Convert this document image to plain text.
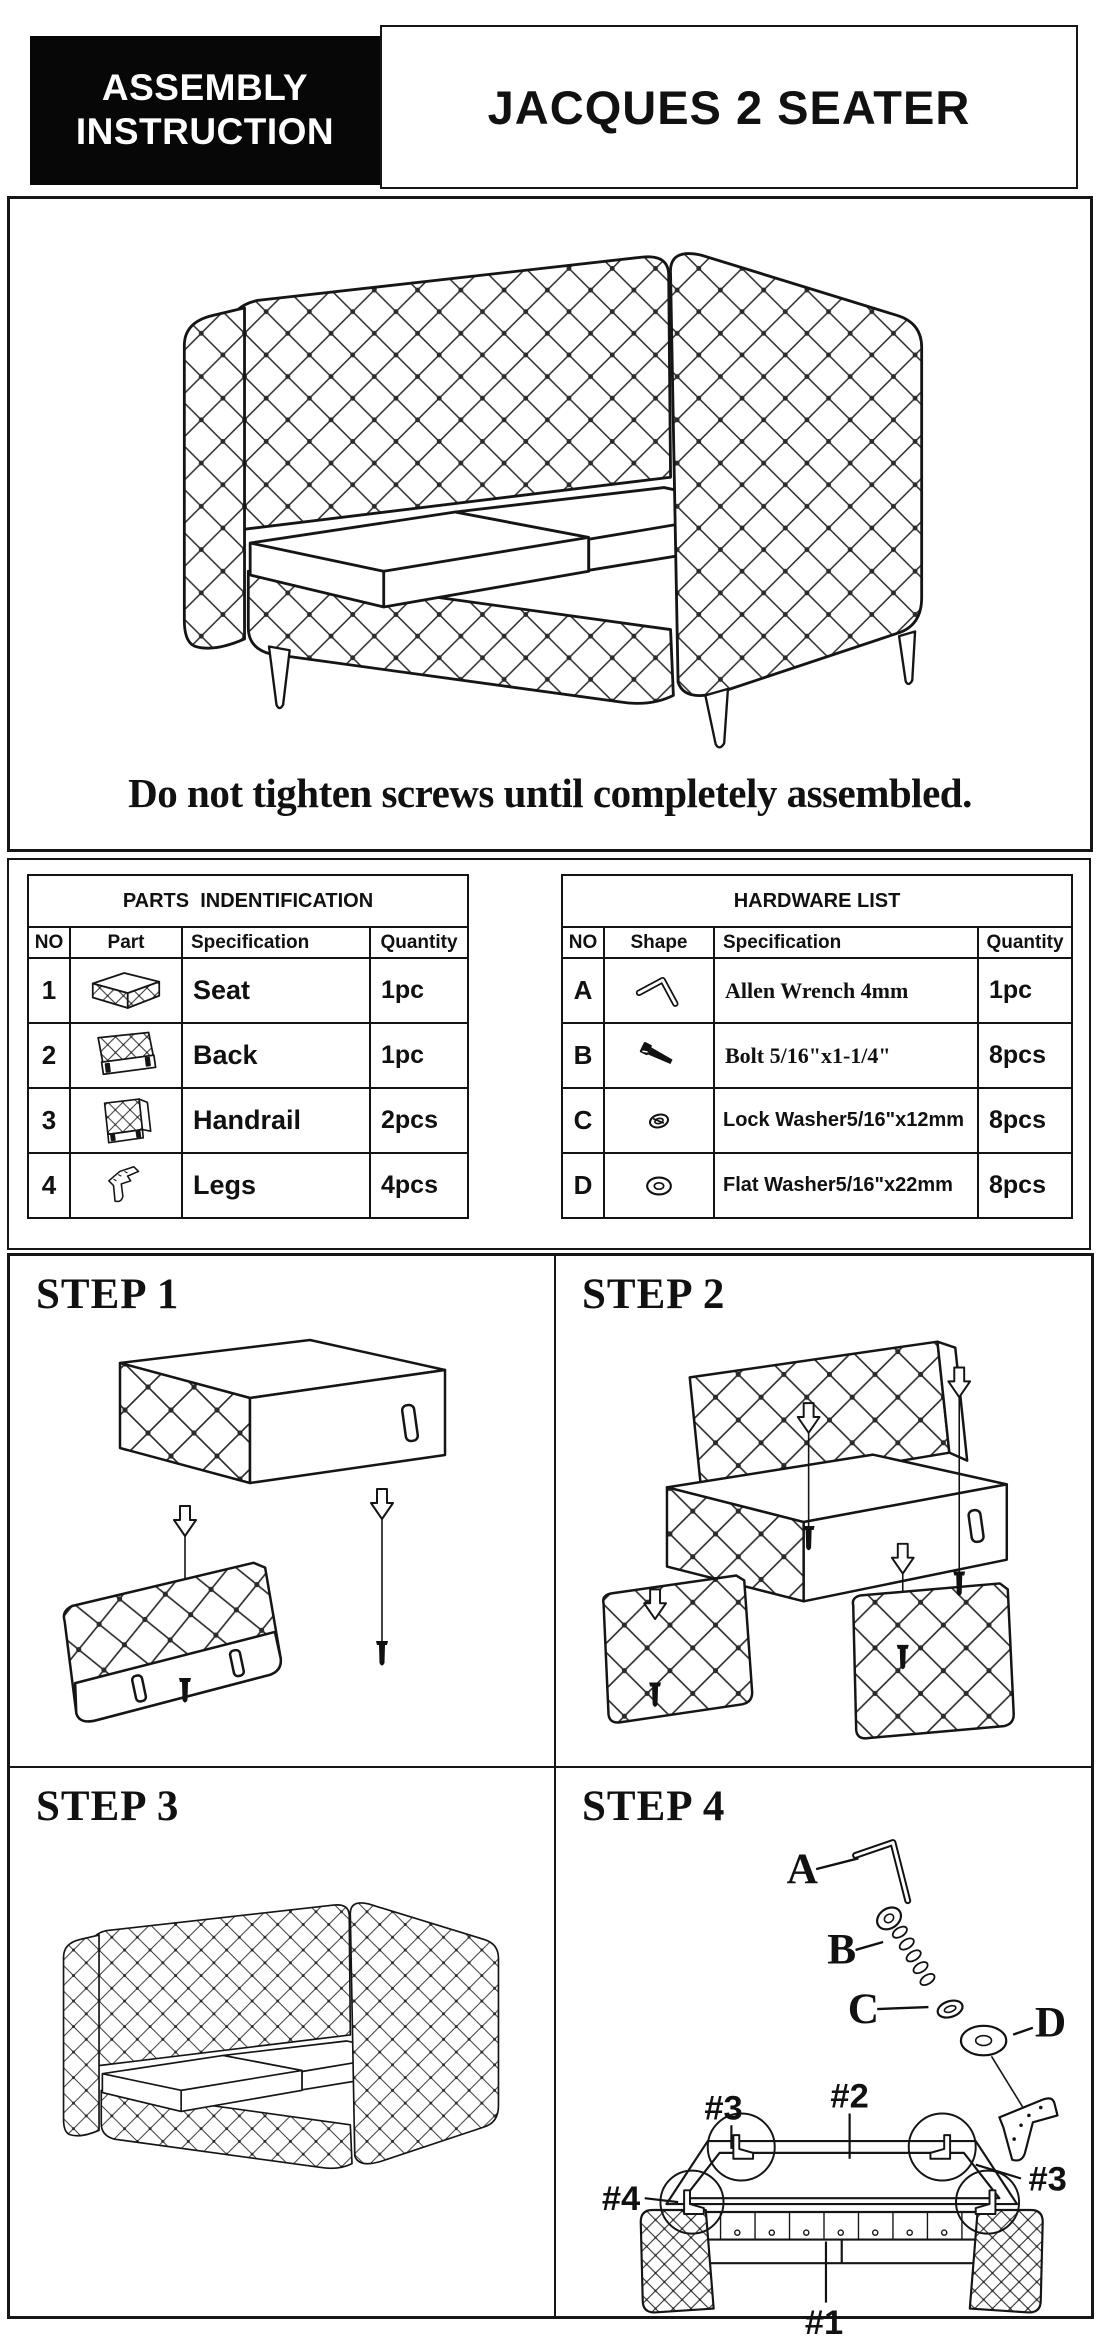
ASSEMBLY
INSTRUCTION	JACQUES 2 SEATER
Do not tighten screws until completely assembled.
PARTS  INDENTIFICATION			
NO	Part	Specification	Quantity
1		Seat	1pc
2		Back	1pc
3		Handrail	2pcs
4		Legs	4pcs
HARDWARE LIST			
NO	Shape	Specification	Quantity
A		Allen Wrench 4mm	1pc
B		Bolt 5/16"x1-1/4"	8pcs
C		Lock Washer5/16"x12mm	8pcs
D		Flat Washer5/16"x22mm	8pcs
STEP 1	STEP 2
STEP 3	STEP 4
A
B
C	D
#3	#2
#3
#4
#1
